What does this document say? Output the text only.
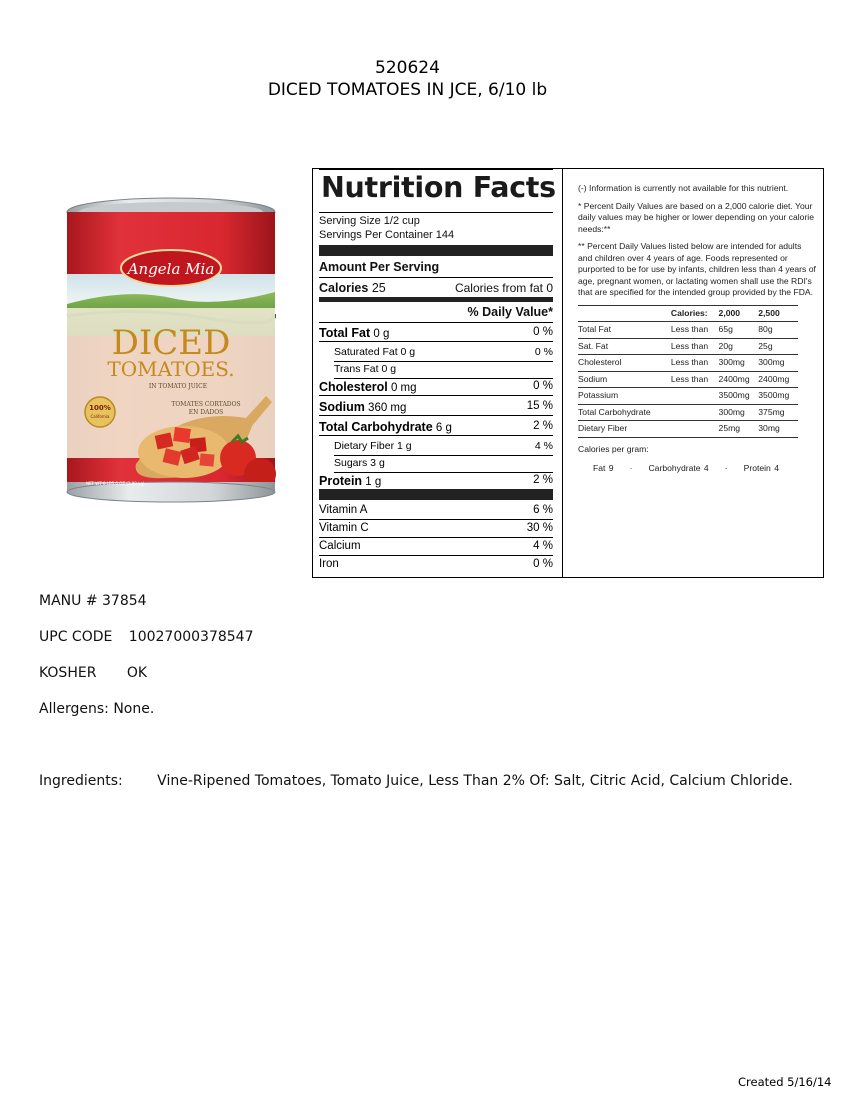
520624
DICED TOMATOES IN JCE, 6/10 lb
Angela Mia
DICED
TOMATOES.
IN TOMATO JUICE
TOMATES CORTADOS
EN DADOS
100%
California
NET WT 6 LBS 6 OZ (2.89 kg)
Nutrition Facts
Serving Size 1/2 cup
Servings Per Container 144
Amount Per Serving
Calories 25	Calories from fat 0
% Daily Value*
Total Fat 0 g	0 %
Saturated Fat 0 g	0 %
Trans Fat 0 g
Cholesterol 0 mg	0 %
Sodium 360 mg	15 %
Total Carbohydrate 6 g	2 %
Dietary Fiber 1 g	4 %
Sugars 3 g
Protein 1 g	2 %
Vitamin A	6 %
Vitamin C	30 %
Calcium	4 %
Iron	0 %

(-) Information is currently not available for this nutrient.

* Percent Daily Values are based on a 2,000 calorie diet. Your daily values may be higher or lower depending on your calorie needs:**

** Percent Daily Values listed below are intended for adults and children over 4 years of age. Foods represented or purported to be for use by infants, children less than 4 years of age, pregnant women, or lactating women shall use the RDI's that are specified for the intended group provided by the FDA.

	Calories:	2,000	2,500
Total Fat	Less than	65g	80g
Sat. Fat	Less than	20g	25g
Cholesterol	Less than	300mg	300mg
Sodium	Less than	2400mg	2400mg
Potassium		3500mg	3500mg
Total Carbohydrate		300mg	375mg
Dietary Fiber		25mg	30mg
Calories per gram:
Fat 9 · Carbohydrate 4 · Protein 4
MANU # 37854
UPC CODE 10027000378547
KOSHER OK
Allergens: None.
Ingredients: Vine-Ripened Tomatoes, Tomato Juice, Less Than 2% Of: Salt, Citric Acid, Calcium Chloride.
Created 5/16/14
